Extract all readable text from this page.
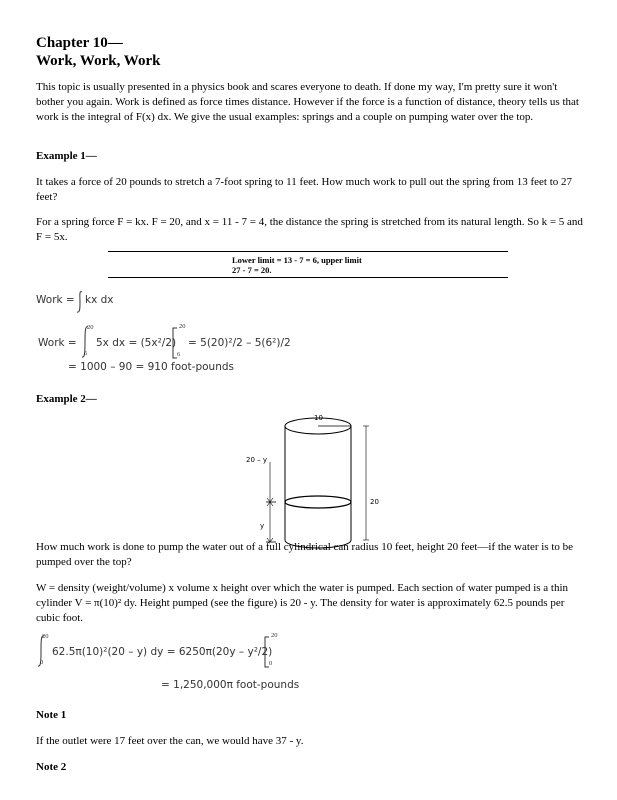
Chapter 10—

Work, Work, Work

This topic is usually presented in a physics book and scares everyone to death. If done my way, I'm pretty sure it won't bother you again. Work is defined as force times distance. However if the force is a function of distance, theory tells us that work is the integral of F(x) dx. We give the usual examples: springs and a couple on pumping water over the top.

Example 1—

It takes a force of 20 pounds to stretch a 7-foot spring to 11 feet. How much work to pull out the spring from 13 feet to 27 feet?

For a spring force F = kx. F = 20, and x = 11 - 7 = 4, the distance the spring is stretched from its natural length. So k = 5 and F = 5x.

Lower limit = 13 - 7 = 6, upper limit

27 - 7 = 20.

Work = kx dx
Work =
20
6
5x dx = (5x²/2)
20
6
= 5(20)²/2 – 5(6²)/2
= 1000 – 90 = 910 foot-pounds

Example 2—

10
20
20 – y
y

How much work is done to pump the water out of a full cylindrical can radius 10 feet, height 20 feet—if the water is to be pumped over the top?

W = density (weight/volume) x volume x height over which the water is pumped. Each section of water pumped is a thin cylinder V = π(10)² dy. Height pumped (see the figure) is 20 - y. The density for water is approximately 62.5 pounds per cubic foot.

20
0
62.5π(10)²(20 – y) dy = 6250π(20y – y²/2)
20
0
= 1,250,000π foot-pounds

Note 1

If the outlet were 17 feet over the can, we would have 37 - y.

Note 2
